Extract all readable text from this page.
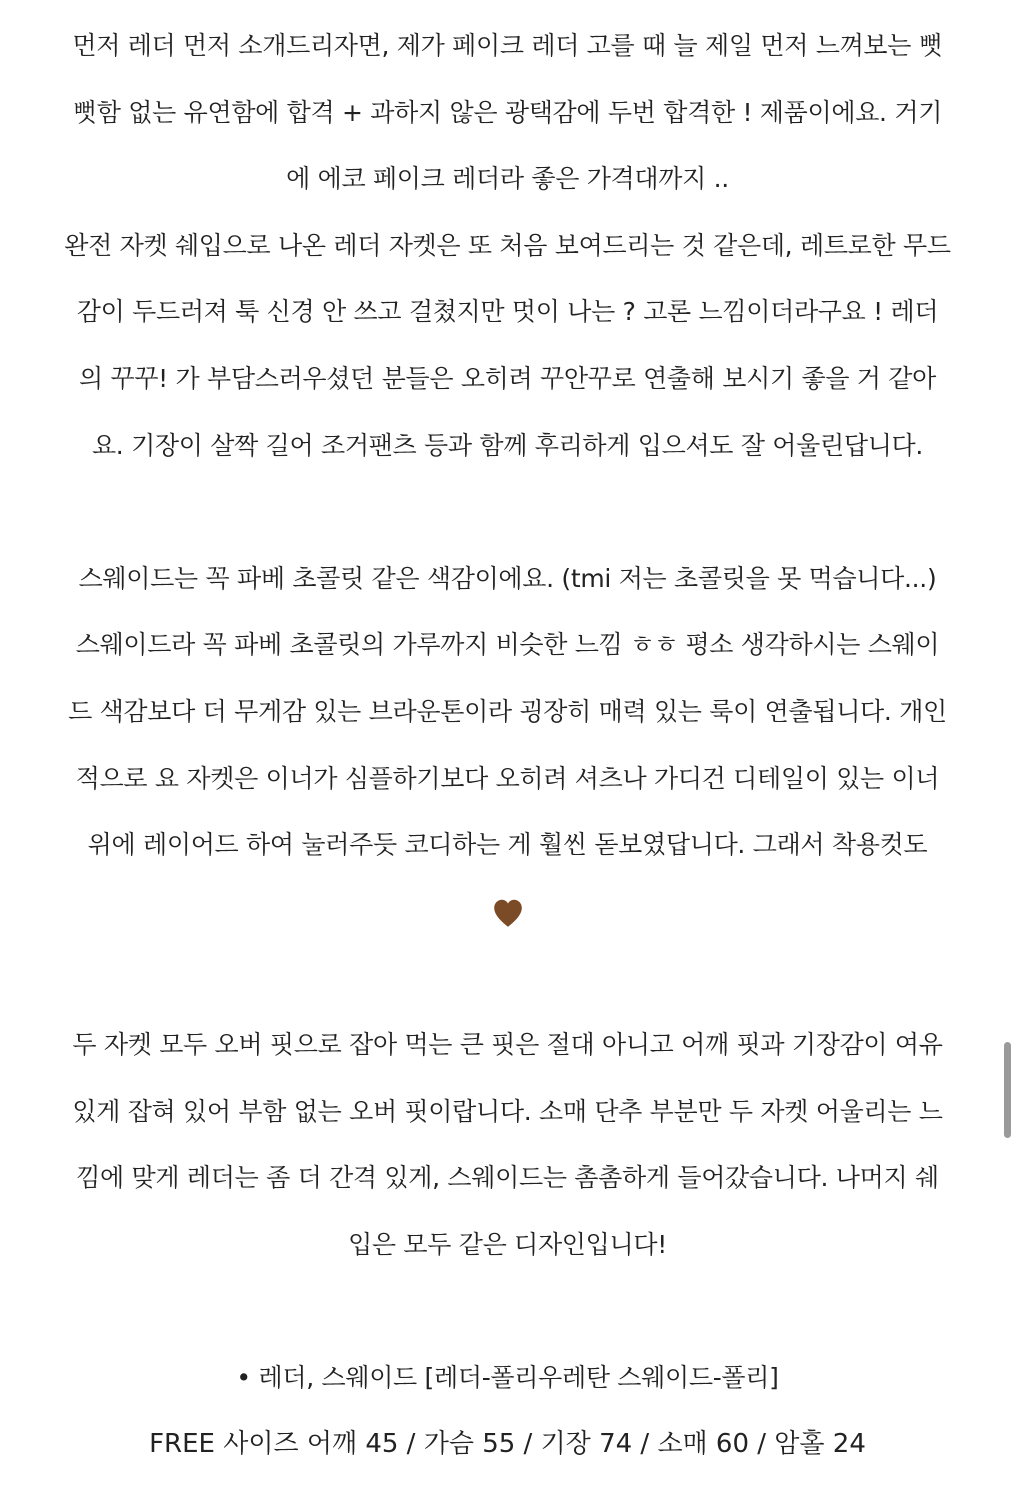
먼저 레더 먼저 소개드리자면, 제가 페이크 레더 고를 때 늘 제일 먼저 느껴보는 뻣
뻣함 없는 유연함에 합격 + 과하지 않은 광택감에 두번 합격한 ! 제품이에요. 거기
에 에코 페이크 레더라 좋은 가격대까지 ..
완전 자켓 쉐입으로 나온 레더 자켓은 또 처음 보여드리는 것 같은데, 레트로한 무드
감이 두드러져 툭 신경 안 쓰고 걸쳤지만 멋이 나는 ? 고론 느낌이더라구요 ! 레더
의 꾸꾸! 가 부담스러우셨던 분들은 오히려 꾸안꾸로 연출해 보시기 좋을 거 같아
요. 기장이 살짝 길어 조거팬츠 등과 함께 후리하게 입으셔도 잘 어울린답니다.
스웨이드는 꼭 파베 초콜릿 같은 색감이에요. (tmi 저는 초콜릿을 못 먹습니다...)
스웨이드라 꼭 파베 초콜릿의 가루까지 비슷한 느낌 ㅎㅎ 평소 생각하시는 스웨이
드 색감보다 더 무게감 있는 브라운톤이라 굉장히 매력 있는 룩이 연출됩니다. 개인
적으로 요 자켓은 이너가 심플하기보다 오히려 셔츠나 가디건 디테일이 있는 이너
위에 레이어드 하여 눌러주듯 코디하는 게 훨씬 돋보였답니다. 그래서 착용컷도
두 자켓 모두 오버 핏으로 잡아 먹는 큰 핏은 절대 아니고 어깨 핏과 기장감이 여유
있게 잡혀 있어 부함 없는 오버 핏이랍니다. 소매 단추 부분만 두 자켓 어울리는 느
낌에 맞게 레더는 좀 더 간격 있게, 스웨이드는 촘촘하게 들어갔습니다. 나머지 쉐
입은 모두 같은 디자인입니다!
• 레더, 스웨이드 [레더-폴리우레탄 스웨이드-폴리]
FREE 사이즈 어깨 45 / 가슴 55 / 기장 74 / 소매 60 / 암홀 24
